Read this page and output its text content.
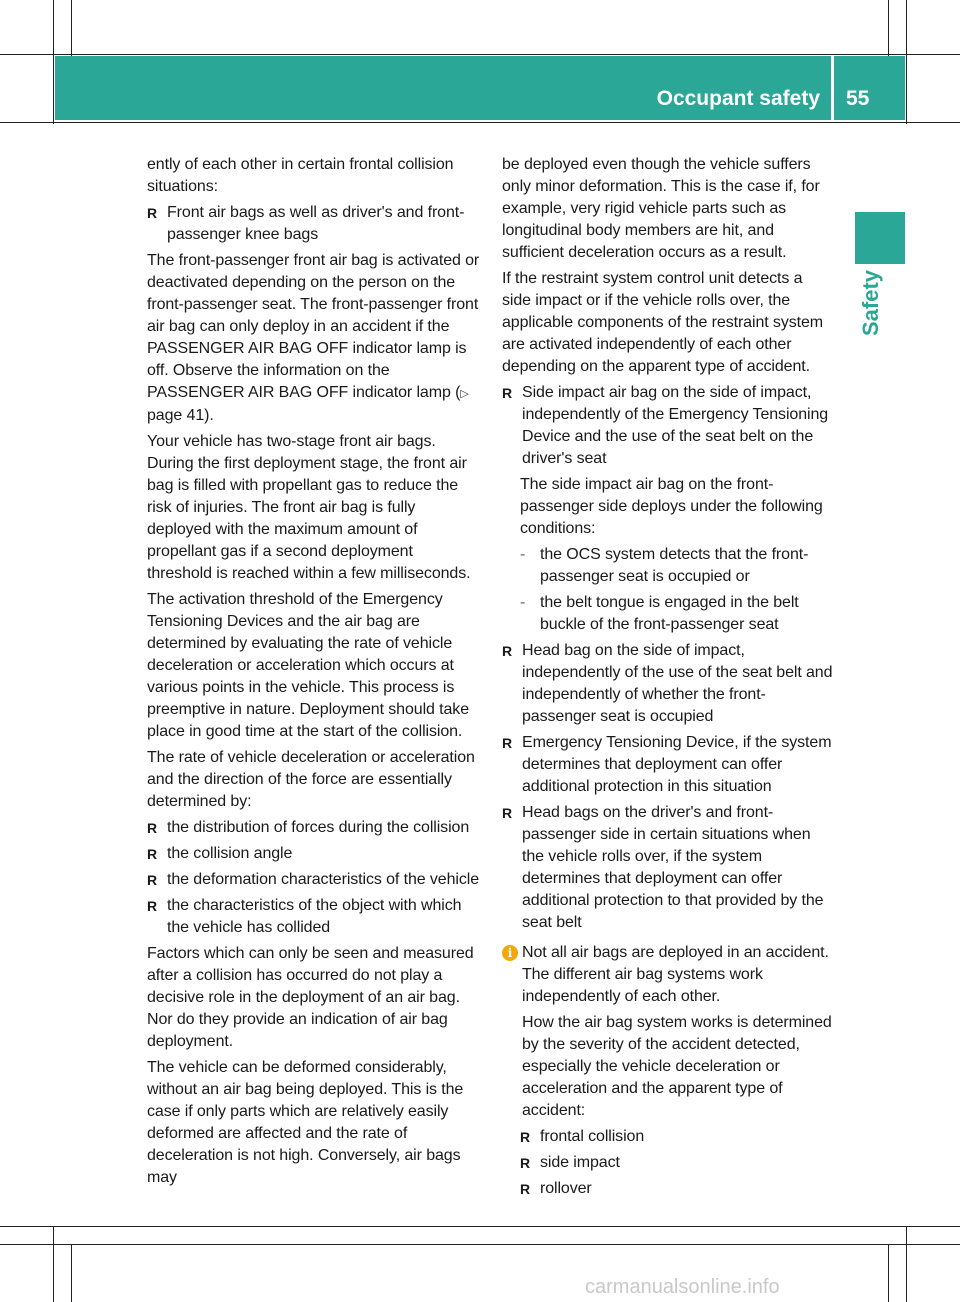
Occupant safety 55
Safety

ently of each other in certain frontal collision situations:

R Front air bags as well as driver's and front-passenger knee bags

The front-passenger front air bag is activated or deactivated depending on the person on the front-passenger seat. The front-passenger front air bag can only deploy in an accident if the PASSENGER AIR BAG OFF indicator lamp is off. Observe the information on the PASSENGER AIR BAG OFF indicator lamp (▷ page 41).

Your vehicle has two-stage front air bags. During the first deployment stage, the front air bag is filled with propellant gas to reduce the risk of injuries. The front air bag is fully deployed with the maximum amount of propellant gas if a second deployment threshold is reached within a few milliseconds.

The activation threshold of the Emergency Tensioning Devices and the air bag are determined by evaluating the rate of vehicle deceleration or acceleration which occurs at various points in the vehicle. This process is preemptive in nature. Deployment should take place in good time at the start of the collision.

The rate of vehicle deceleration or acceleration and the direction of the force are essentially determined by:

R the distribution of forces during the collision
R the collision angle
R the deformation characteristics of the vehicle
R the characteristics of the object with which the vehicle has collided

Factors which can only be seen and measured after a collision has occurred do not play a decisive role in the deployment of an air bag. Nor do they provide an indication of air bag deployment.

The vehicle can be deformed considerably, without an air bag being deployed. This is the case if only parts which are relatively easily deformed are affected and the rate of deceleration is not high. Conversely, air bags may

be deployed even though the vehicle suffers only minor deformation. This is the case if, for example, very rigid vehicle parts such as longitudinal body members are hit, and sufficient deceleration occurs as a result.

If the restraint system control unit detects a side impact or if the vehicle rolls over, the applicable components of the restraint system are activated independently of each other depending on the apparent type of accident.

R Side impact air bag on the side of impact, independently of the Emergency Tensioning Device and the use of the seat belt on the driver's seat

The side impact air bag on the front-passenger side deploys under the following conditions:

- the OCS system detects that the front-passenger seat is occupied or
- the belt tongue is engaged in the belt buckle of the front-passenger seat
R Head bag on the side of impact, independently of the use of the seat belt and independently of whether the front-passenger seat is occupied
R Emergency Tensioning Device, if the system determines that deployment can offer additional protection in this situation
R Head bags on the driver's and front-passenger side in certain situations when the vehicle rolls over, if the system determines that deployment can offer additional protection to that provided by the seat belt
i Not all air bags are deployed in an accident. The different air bag systems work independently of each other.

How the air bag system works is determined by the severity of the accident detected, especially the vehicle deceleration or acceleration and the apparent type of accident:

R frontal collision
R side impact
R rollover
carmanualsonline.info
